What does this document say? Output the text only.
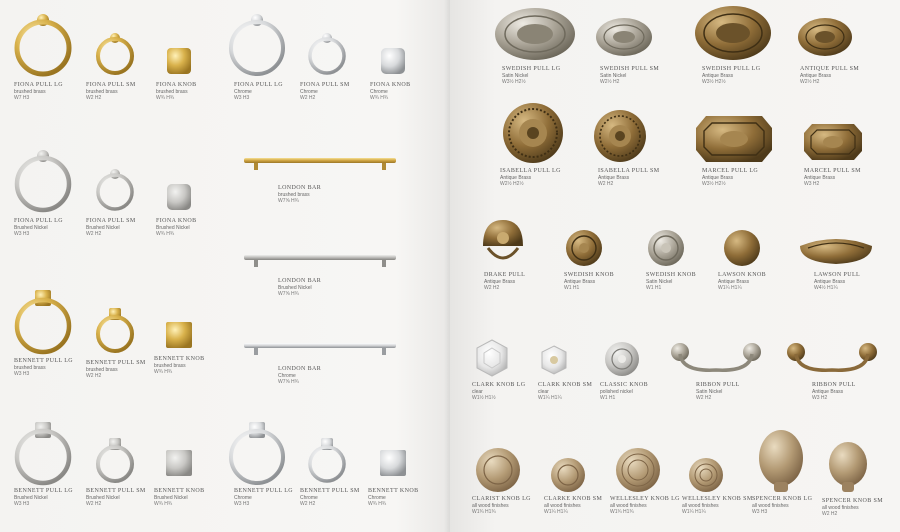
FIONA PULL LG
brushed brass
W7 H3
FIONA PULL SM
brushed brass
W2 H2
FIONA KNOB
brushed brass
W¾ H¾
FIONA PULL LG
Chrome
W3 H3
FIONA PULL SM
Chrome
W2 H2
FIONA KNOB
Chrome
W¾ H¾
FIONA PULL LG
Brushed Nickel
W3 H3
FIONA PULL SM
Brushed Nickel
W2 H2
FIONA KNOB
Brushed Nickel
W¾ H¾
LONDON BAR
brushed brass
W7⅝ H¾
LONDON BAR
Brushed Nickel
W7⅝ H¾
LONDON BAR
Chrome
W7⅝ H¾
BENNETT PULL LG
brushed brass
W3 H3
BENNETT PULL SM
brushed brass
W2 H2
BENNETT KNOB
brushed brass
W¾ H¾
BENNETT PULL LG
Brushed Nickel
W3 H3
BENNETT PULL SM
Brushed Nickel
W2 H2
BENNETT KNOB
Brushed Nickel
W¾ H¾
BENNETT PULL LG
Chrome
W3 H3
BENNETT PULL SM
Chrome
W2 H2
BENNETT KNOB
Chrome
W¾ H¾
SWEDISH PULL LG
Satin Nickel
W3½ H2½
SWEDISH PULL SM
Satin Nickel
W2½ H2
SWEDISH PULL LG
Antique Brass
W3½ H2½
ANTIQUE PULL SM
Antique Brass
W2½ H2
ISABELLA PULL LG
Antique Brass
W2½ H2½
ISABELLA PULL SM
Antique Brass
W2 H2
MARCEL PULL LG
Antique Brass
W3½ H2½
MARCEL PULL SM
Antique Brass
W3 H2
DRAKE PULL
Antique Brass
W2 H2
SWEDISH KNOB
Antique Brass
W1 H1
SWEDISH KNOB
Satin Nickel
W1 H1
LAWSON KNOB
Antique Brass
W1¼ H1¼
LAWSON PULL
Antique Brass
W4½ H1¼
CLARK KNOB LG
clear
W1½ H1½
CLARK KNOB SM
clear
W1¼ H1¼
CLASSIC KNOB
polished nickel
W1 H1
RIBBON PULL
Satin Nickel
W2 H2
RIBBON PULL
Antique Brass
W3 H2
CLARIST KNOB LG
all wood finishes
W1¾ H1¾
CLARKE KNOB SM
all wood finishes
W1¼ H1¼
WELLESLEY KNOB LG
all wood finishes
W1¾ H1¾
WELLESLEY KNOB SM
all wood finishes
W1¼ H1¼
SPENCER KNOB LG
all wood finishes
W3 H3
SPENCER KNOB SM
all wood finishes
W2 H2
